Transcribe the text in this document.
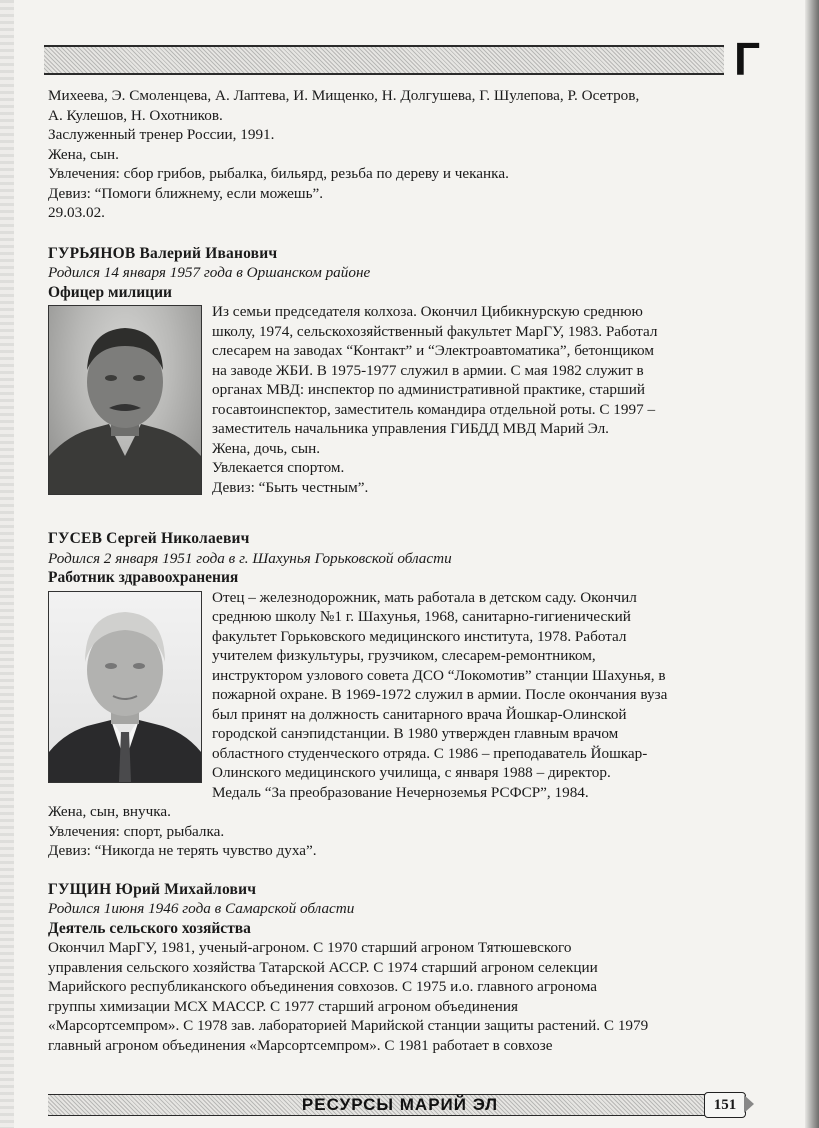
Г

Михеева, Э. Смоленцева, А. Лаптева, И. Мищенко, Н. Долгушева, Г. Шулепова, Р. Осетров,

А. Кулешов, Н. Охотников.

Заслуженный тренер России, 1991.

Жена, сын.

Увлечения: сбор грибов, рыбалка, бильярд, резьба по дереву и чеканка.

Девиз: “Помоги ближнему, если можешь”.

29.03.02.

ГУРЬЯНОВ Валерий Иванович

Родился 14 января 1957 года в Оршанском районе

Офицер милиции

Из семьи председателя колхоза. Окончил Цибикнурскую среднюю

школу, 1974, сельскохозяйственный факультет МарГУ, 1983. Работал

слесарем на заводах “Контакт” и “Электроавтоматика”, бетонщиком

на заводе ЖБИ. В 1975-1977 служил в армии. С мая 1982 служит в

органах МВД: инспектор по административной практике, старший

госавтоинспектор, заместитель командира отдельной роты. С 1997 –

заместитель начальника управления ГИБДД МВД Марий Эл.

Жена, дочь, сын.

Увлекается спортом.

Девиз: “Быть честным”.

ГУСЕВ Сергей Николаевич

Родился 2 января 1951 года в г. Шахунья Горьковской области

Работник здравоохранения

Отец – железнодорожник, мать работала в детском саду. Окончил

среднюю школу №1 г. Шахунья, 1968, санитарно-гигиенический

факультет Горьковского медицинского института, 1978. Работал

учителем физкультуры, грузчиком, слесарем-ремонтником,

инструктором узлового совета ДСО “Локомотив” станции Шахунья, в

пожарной охране. В 1969-1972 служил в армии. После окончания вуза

был принят на должность санитарного врача Йошкар-Олинской

городской санэпидстанции. В 1980 утвержден главным врачом

областного студенческого отряда. С 1986 – преподаватель Йошкар-

Олинского медицинского училища, с января 1988 – директор.

Медаль “За преобразование Нечерноземья РСФСР”, 1984.

Жена, сын, внучка.

Увлечения: спорт, рыбалка.

Девиз: “Никогда не терять чувство духа”.

ГУЩИН Юрий Михайлович

Родился 1июня 1946 года в Самарской области

Деятель сельского хозяйства

Окончил МарГУ, 1981, ученый-агроном. С 1970 старший агроном Тятюшевского

управления сельского хозяйства Татарской АССР. С 1974 старший агроном селекции

Марийского республиканского объединения совхозов. С 1975 и.о. главного агронома

группы химизации МСХ МАССР. С 1977 старший агроном объединения

«Марсортсемпром». С 1978 зав. лабораторией Марийской станции защиты растений. С 1979

главный агроном объединения «Марсортсемпром». С 1981 работает в совхозе

РЕСУРСЫ МАРИЙ ЭЛ	151
